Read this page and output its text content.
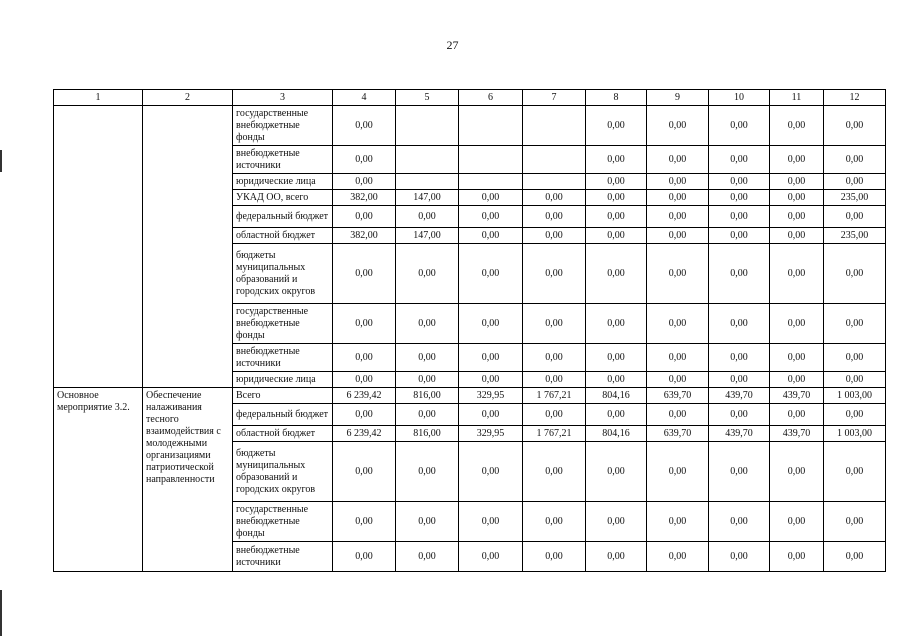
27
1	2	3	4	5	6	7	8	9	10	11	12
		государственные внебюджетные фонды	0,00				0,00	0,00	0,00	0,00	0,00
		внебюджетные источники	0,00				0,00	0,00	0,00	0,00	0,00
		юридические лица	0,00				0,00	0,00	0,00	0,00	0,00
		УКАД ОО, всего	382,00	147,00	0,00	0,00	0,00	0,00	0,00	0,00	235,00
		федеральный бюджет	0,00	0,00	0,00	0,00	0,00	0,00	0,00	0,00	0,00
		областной бюджет	382,00	147,00	0,00	0,00	0,00	0,00	0,00	0,00	235,00
		бюджеты муниципальных образований и городских округов	0,00	0,00	0,00	0,00	0,00	0,00	0,00	0,00	0,00
		государственные внебюджетные фонды	0,00	0,00	0,00	0,00	0,00	0,00	0,00	0,00	0,00
		внебюджетные источники	0,00	0,00	0,00	0,00	0,00	0,00	0,00	0,00	0,00
		юридические лица	0,00	0,00	0,00	0,00	0,00	0,00	0,00	0,00	0,00
Основное мероприятие 3.2.	Обеспечение налаживания тесного взаимодействия с молодежными организациями патриотической направленности	Всего	6 239,42	816,00	329,95	1 767,21	804,16	639,70	439,70	439,70	1 003,00
		федеральный бюджет	0,00	0,00	0,00	0,00	0,00	0,00	0,00	0,00	0,00
		областной бюджет	6 239,42	816,00	329,95	1 767,21	804,16	639,70	439,70	439,70	1 003,00
		бюджеты муниципальных образований и городских округов	0,00	0,00	0,00	0,00	0,00	0,00	0,00	0,00	0,00
		государственные внебюджетные фонды	0,00	0,00	0,00	0,00	0,00	0,00	0,00	0,00	0,00
		внебюджетные источники	0,00	0,00	0,00	0,00	0,00	0,00	0,00	0,00	0,00
